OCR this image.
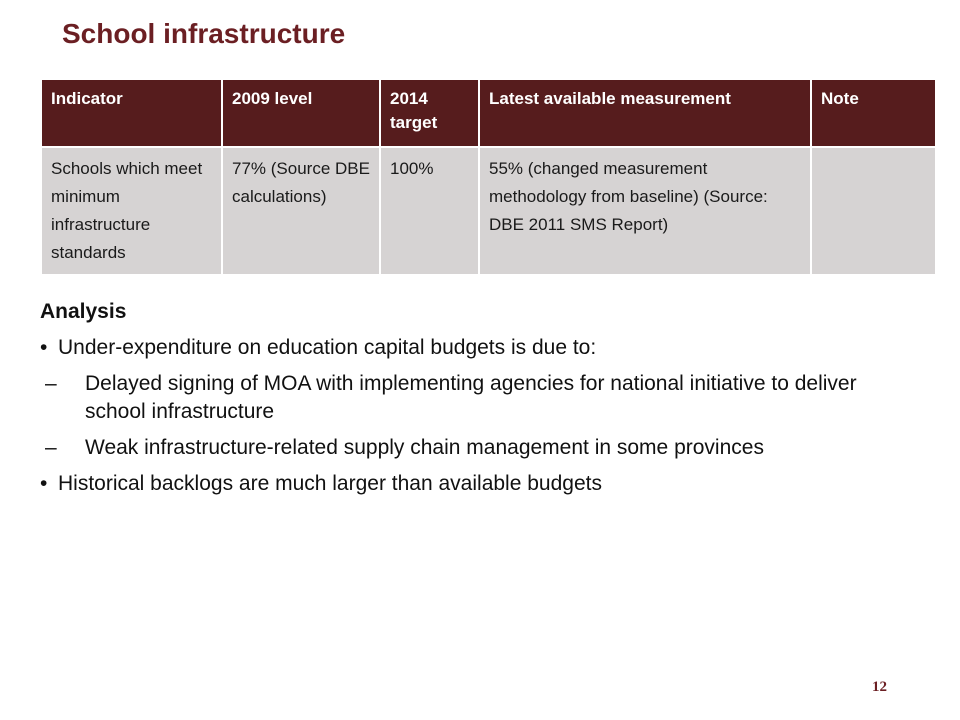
School infrastructure
Indicator	2009 level	2014 target	Latest available measurement	Note
Schools which meet minimum infrastructure standards	77% (Source DBE calculations)	100%	55% (changed measurement methodology from baseline) (Source: DBE 2011 SMS Report)	
Analysis
• Under-expenditure on education capital budgets is due to:
– Delayed signing of MOA with implementing agencies for national initiative to deliver school infrastructure
– Weak infrastructure-related supply chain management in some provinces
• Historical backlogs are much larger than available budgets
12
